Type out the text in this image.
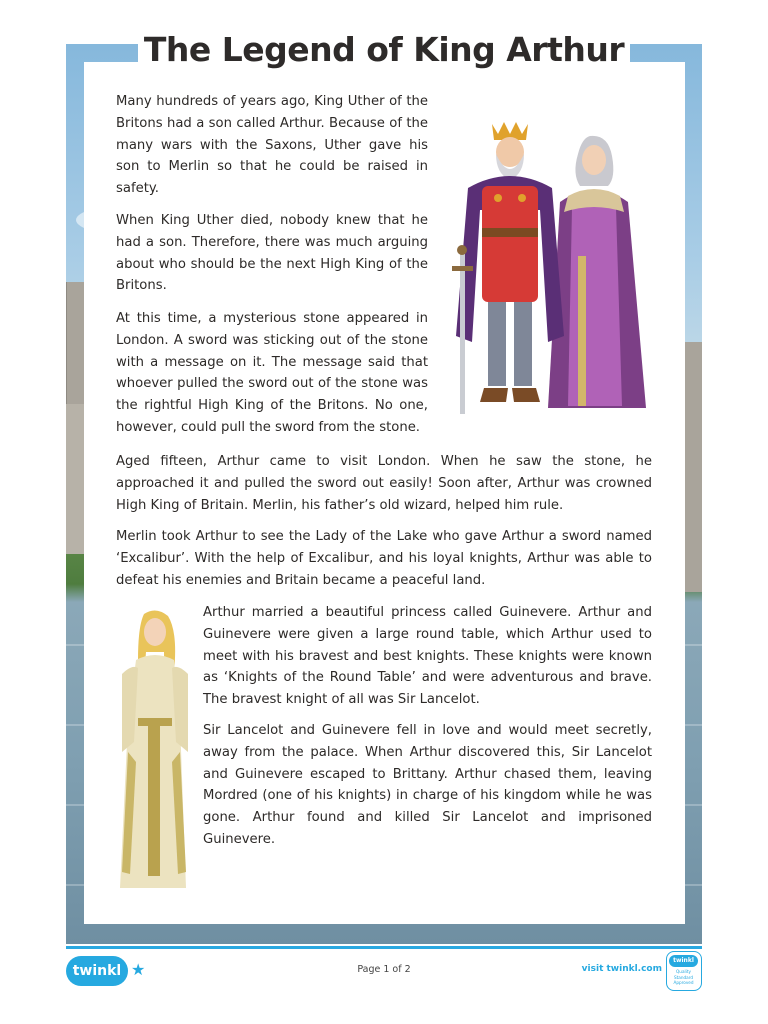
The Legend of King Arthur

Many hundreds of years ago, King Uther of the Britons had a son called Arthur. Because of the many wars with the Saxons, Uther gave his son to Merlin so that he could be raised in safety.

When King Uther died, nobody knew that he had a son. Therefore, there was much arguing about who should be the next High King of the Britons.

At this time, a mysterious stone appeared in London. A sword was sticking out of the stone with a message on it. The message said that whoever pulled the sword out of the stone was the rightful High King of the Britons. No one, however, could pull the sword from the stone.

Aged fifteen, Arthur came to visit London. When he saw the stone, he approached it and pulled the sword out easily! Soon after, Arthur was crowned High King of Britain. Merlin, his father’s old wizard, helped him rule.

Merlin took Arthur to see the Lady of the Lake who gave Arthur a sword named ‘Excalibur’. With the help of Excalibur, and his loyal knights, Arthur was able to defeat his enemies and Britain became a peaceful land.

Arthur married a beautiful princess called Guinevere. Arthur and Guinevere were given a large round table, which Arthur used to meet with his bravest and best knights. These knights were known as ‘Knights of the Round Table’ and were adventurous and brave. The bravest knight of all was Sir Lancelot.

Sir Lancelot and Guinevere fell in love and would meet secretly, away from the palace. When Arthur discovered this, Sir Lancelot and Guinevere escaped to Brittany. Arthur chased them, leaving Mordred (one of his knights) in charge of his kingdom while he was gone. Arthur found and killed Sir Lancelot and imprisoned Guinevere.

twinkl ★	Page 1 of 2	visit twinkl.com
twinkl
Quality Standard Approved
